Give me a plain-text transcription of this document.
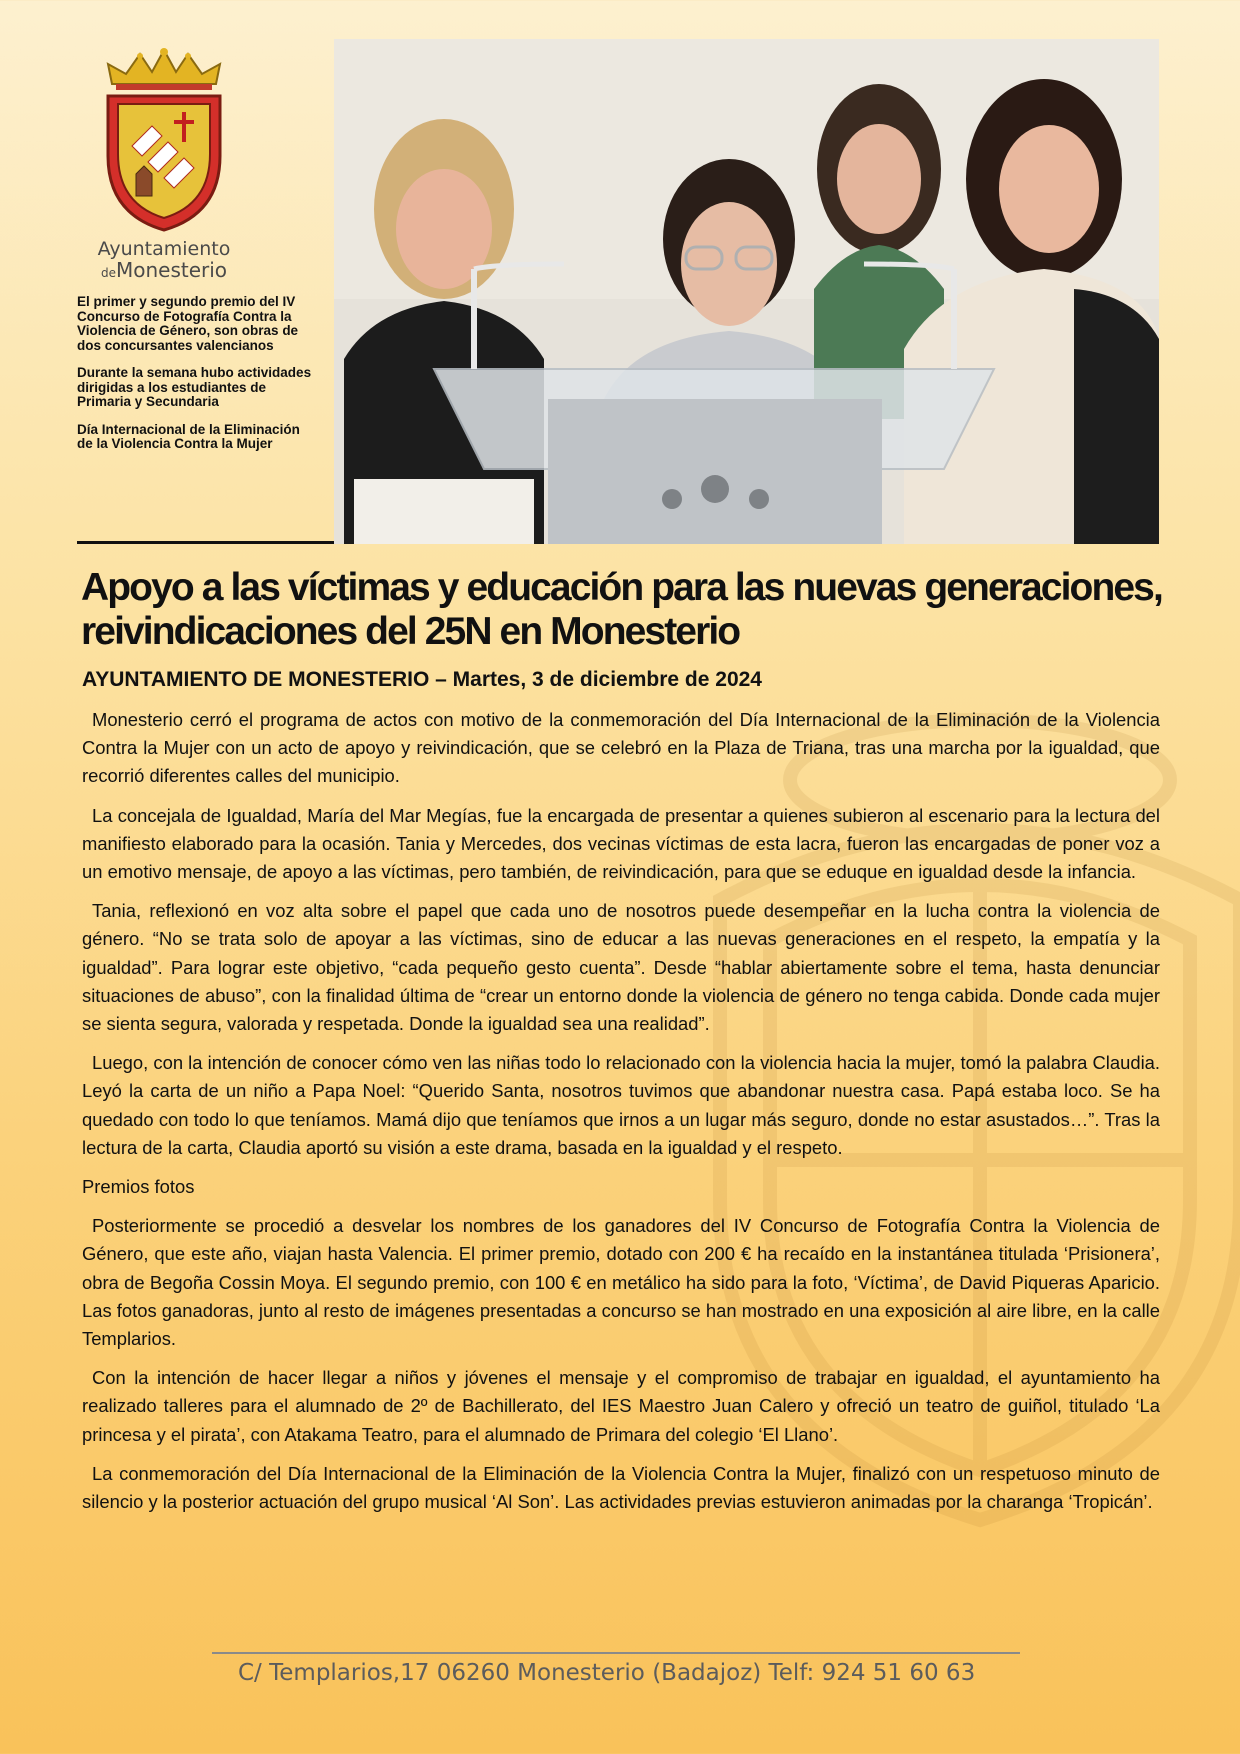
Ayuntamiento
deMonesterio

El primer y segundo premio del IV Concurso de Fotografía Contra la Violencia de Género, son obras de dos concursantes valencianos

Durante la semana hubo actividades dirigidas a los estudiantes de Primaria y Secundaria

Día Internacional de la Eliminación de la Violencia Contra la Mujer

Apoyo a las víctimas y educación para las nuevas generaciones, reivindicaciones del 25N en Monesterio

AYUNTAMIENTO DE MONESTERIO – Martes, 3 de diciembre de 2024

Monesterio cerró el programa de actos con motivo de la conmemoración del Día Internacional de la Eliminación de la Violencia Contra la Mujer con un acto de apoyo y reivindicación, que se celebró en la Plaza de Triana, tras una marcha por la igualdad, que recorrió diferentes calles del municipio.

La concejala de Igualdad, María del Mar Megías, fue la encargada de presentar a quienes subieron al escenario para la lectura del manifiesto elaborado para la ocasión. Tania y Mercedes, dos vecinas víctimas de esta lacra, fueron las encargadas de poner voz a un emotivo mensaje, de apoyo a las víctimas, pero también, de reivindicación, para que se eduque en igualdad desde la infancia.

Tania, reflexionó en voz alta sobre el papel que cada uno de nosotros puede desempeñar en la lucha contra la violencia de género. “No se trata solo de apoyar a las víctimas, sino de educar a las nuevas generaciones en el respeto, la empatía y la igualdad”. Para lograr este objetivo, “cada pequeño gesto cuenta”. Desde “hablar abiertamente sobre el tema, hasta denunciar situaciones de abuso”, con la finalidad última de “crear un entorno donde la violencia de género no tenga cabida. Donde cada mujer se sienta segura, valorada y respetada. Donde la igualdad sea una realidad”.

Luego, con la intención de conocer cómo ven las niñas todo lo relacionado con la violencia hacia la mujer, tomó la palabra Claudia. Leyó la carta de un niño a Papa Noel: “Querido Santa, nosotros tuvimos que abandonar nuestra casa. Papá estaba loco. Se ha quedado con todo lo que teníamos. Mamá dijo que teníamos que irnos a un lugar más seguro, donde no estar asustados…”. Tras la lectura de la carta, Claudia aportó su visión a este drama, basada en la igualdad y el respeto.

Premios fotos

Posteriormente se procedió a desvelar los nombres de los ganadores del IV Concurso de Fotografía Contra la Violencia de Género, que este año, viajan hasta Valencia. El primer premio, dotado con 200 € ha recaído en la instantánea titulada ‘Prisionera’, obra de Begoña Cossin Moya. El segundo premio, con 100 € en metálico ha sido para la foto, ‘Víctima’, de David Piqueras Aparicio. Las fotos ganadoras, junto al resto de imágenes presentadas a concurso se han mostrado en una exposición al aire libre, en la calle Templarios.

Con la intención de hacer llegar a niños y jóvenes el mensaje y el compromiso de trabajar en igualdad, el ayuntamiento ha realizado talleres para el alumnado de 2º de Bachillerato, del IES Maestro Juan Calero y ofreció un teatro de guiñol, titulado ‘La princesa y el pirata’, con Atakama Teatro, para el alumnado de Primara del colegio ‘El Llano’.

La conmemoración del Día Internacional de la Eliminación de la Violencia Contra la Mujer, finalizó con un respetuoso minuto de silencio y la posterior actuación del grupo musical ‘Al Son’. Las actividades previas estuvieron animadas por la charanga ‘Tropicán’.

C/ Templarios,17 06260 Monesterio (Badajoz) Telf: 924 51 60 63
